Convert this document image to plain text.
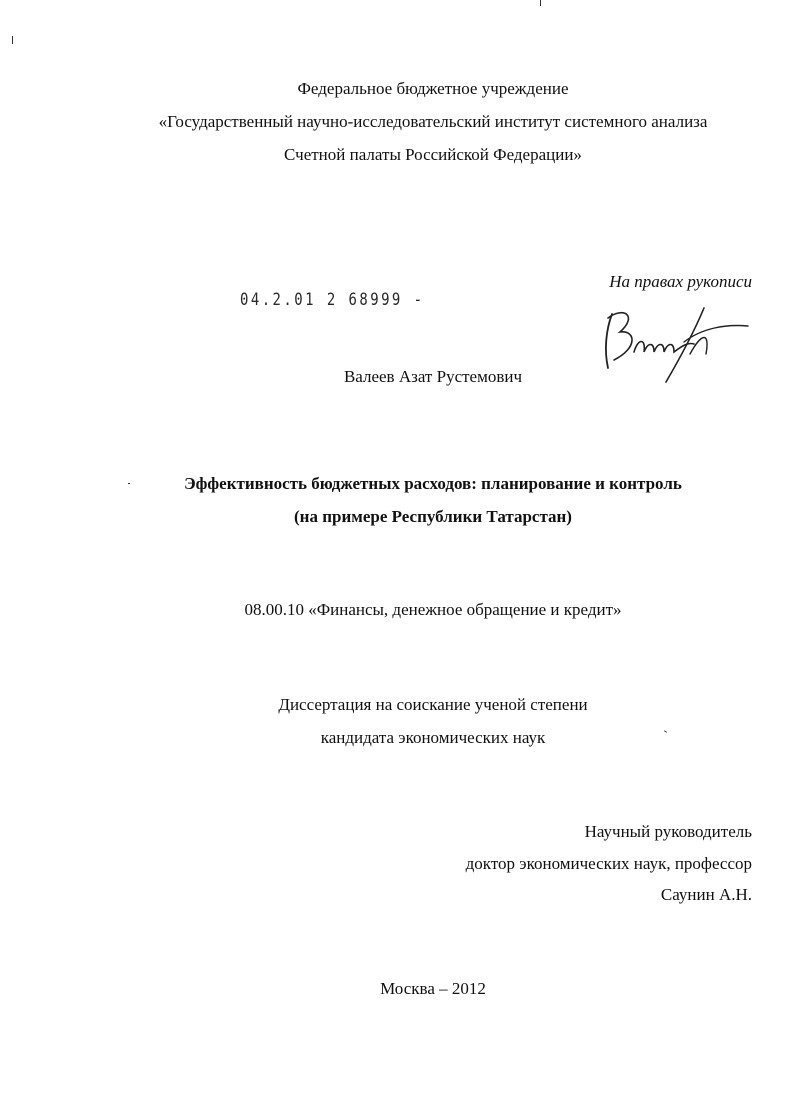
Федеральное бюджетное учреждение
«Государственный научно-исследовательский институт системного анализа
Счетной палаты Российской Федерации»
На правах рукописи
04.2.01 2 68999 -
Валеев Азат Рустемович
Эффективность бюджетных расходов: планирование и контроль
(на примере Республики Татарстан)
08.00.10 «Финансы, денежное обращение и кредит»
Диссертация на соискание ученой степени
кандидата экономических наук
Научный руководитель
доктор экономических наук, профессор
Саунин А.Н.
Москва – 2012
